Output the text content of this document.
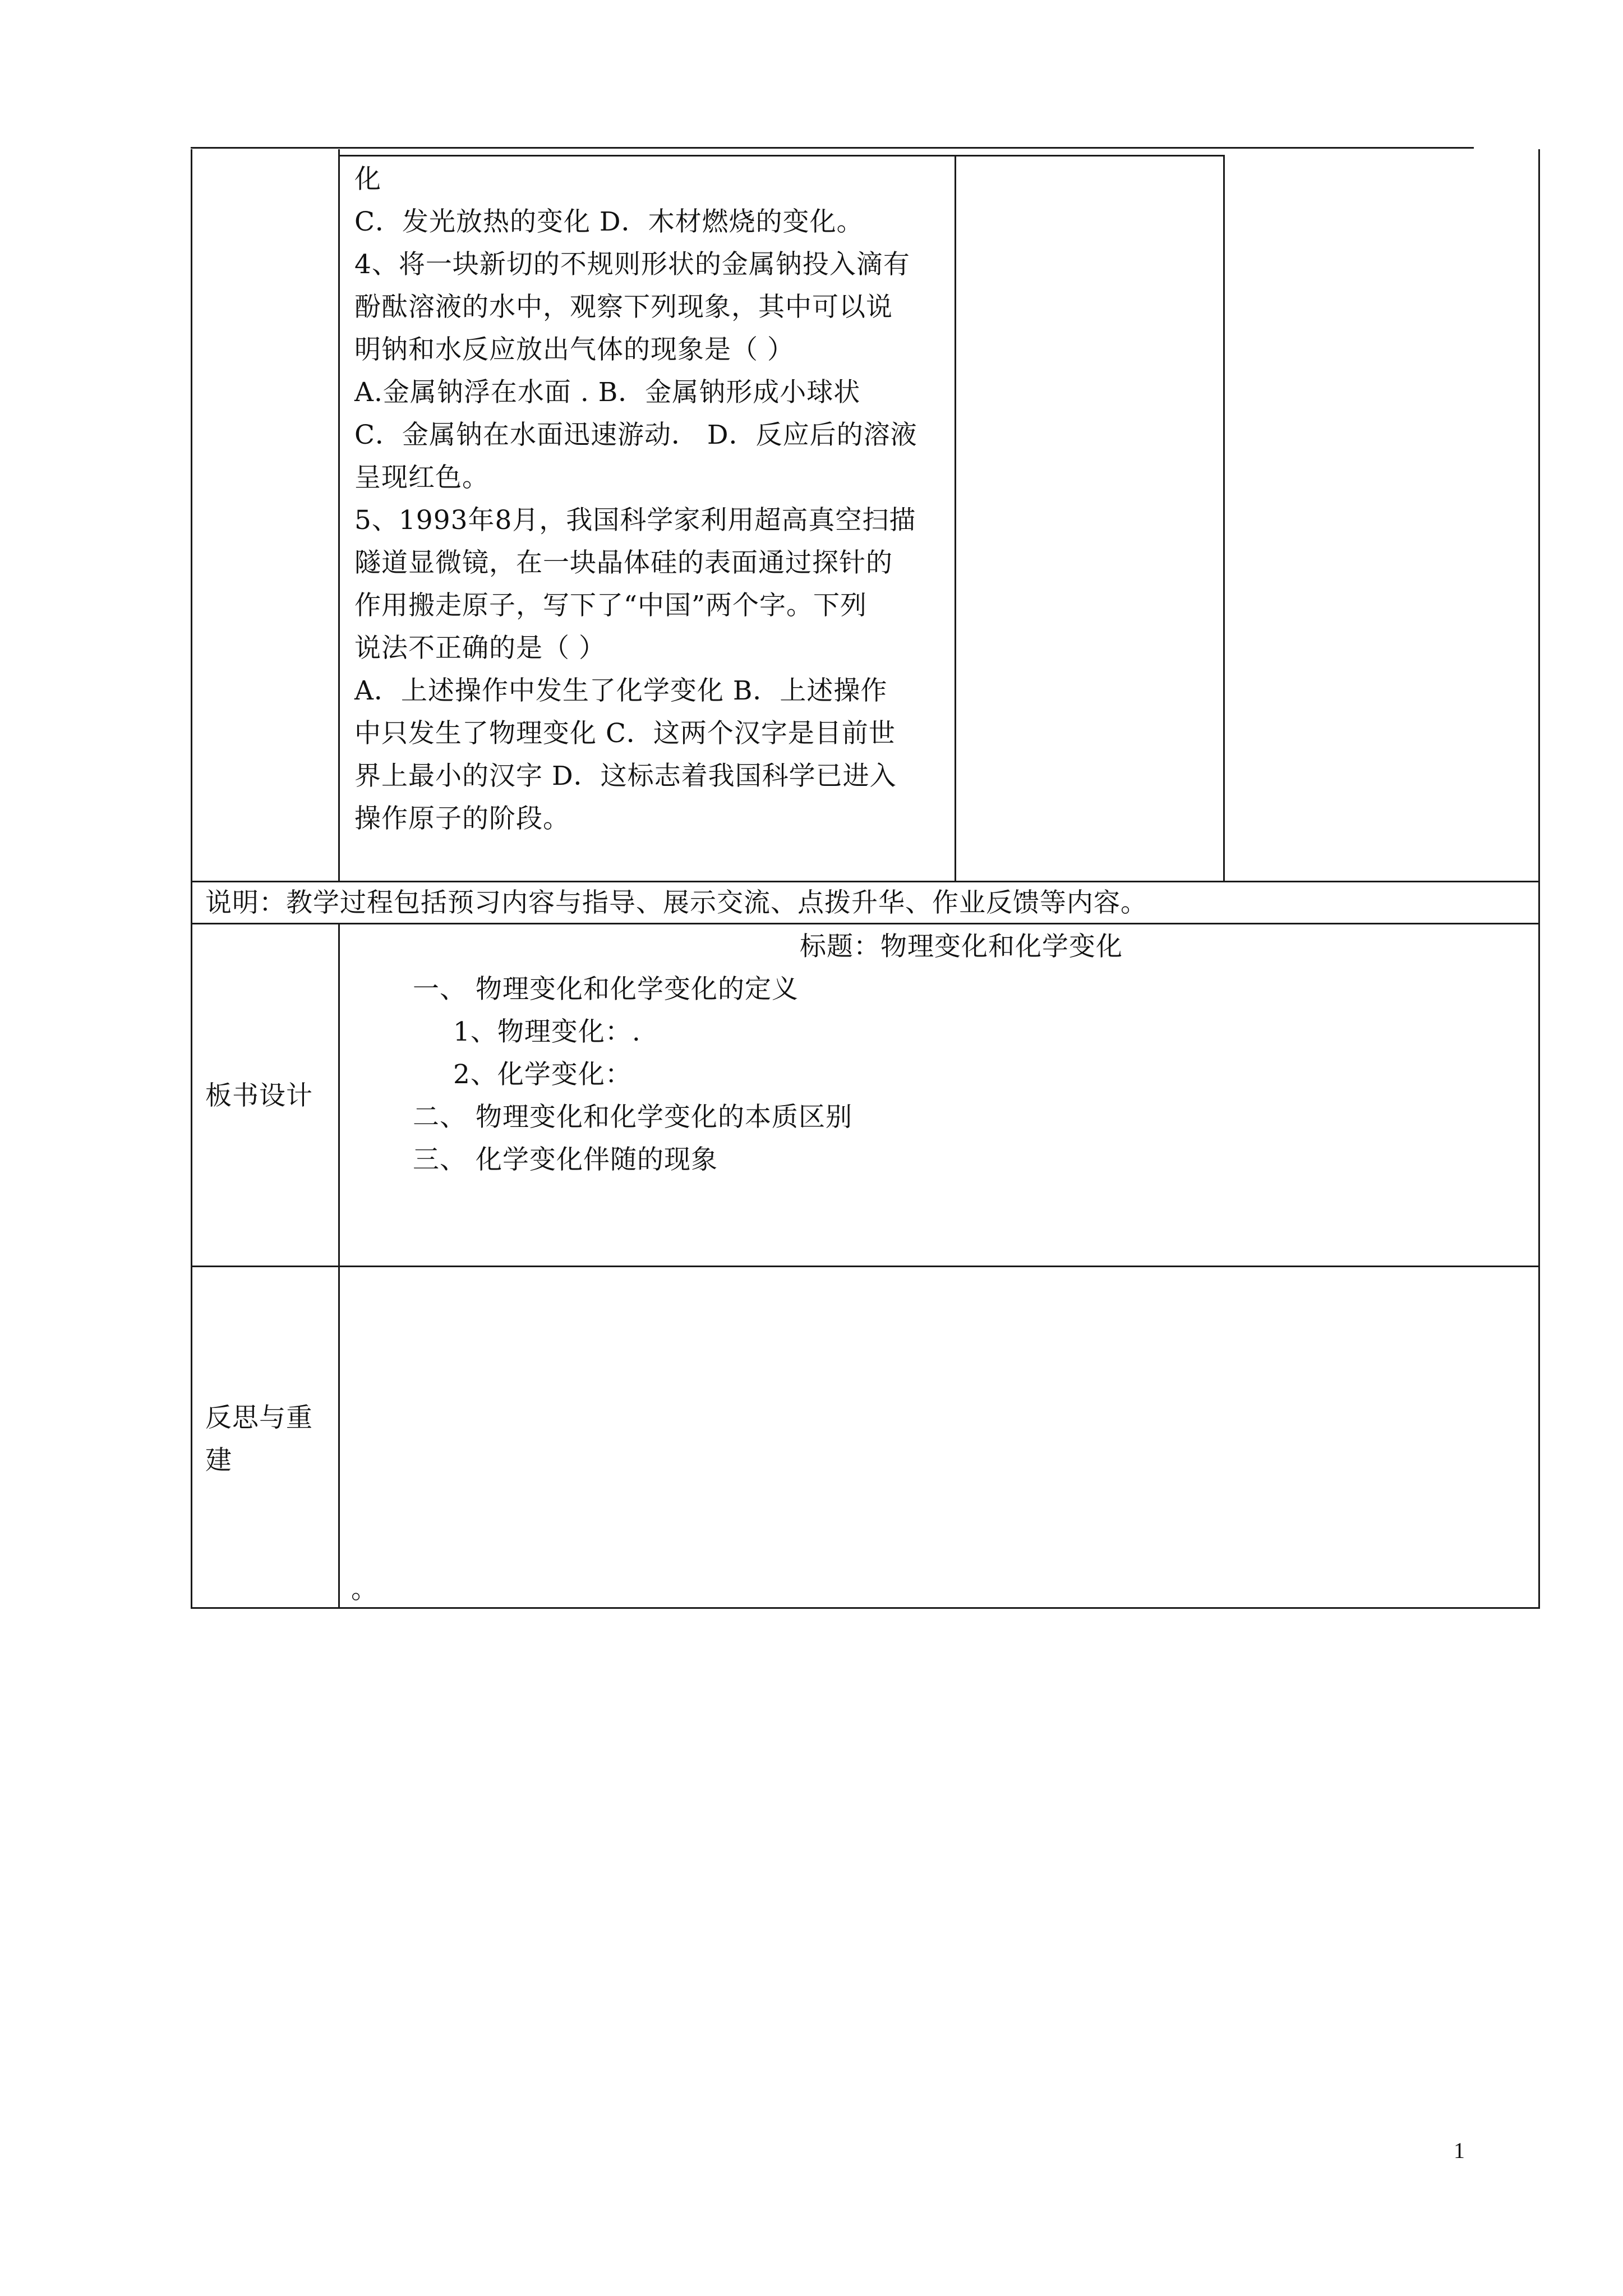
化
C．发光放热的变化 D．木材燃烧的变化。
4、将一块新切的不规则形状的金属钠投入滴有
酚酞溶液的水中，观察下列现象，其中可以说
明钠和水反应放出气体的现象是（ ）
A.金属钠浮在水面 . B．金属钠形成小球状
C．金属钠在水面迅速游动． D．反应后的溶液
呈现红色。
5、1993年8月，我国科学家利用超高真空扫描
隧道显微镜，在一块晶体硅的表面通过探针的
作用搬走原子，写下了“中国”两个字。下列
说法不正确的是（ ）
A．上述操作中发生了化学变化 B．上述操作
中只发生了物理变化 C．这两个汉字是目前世
界上最小的汉字 D．这标志着我国科学已进入
操作原子的阶段。
说明：教学过程包括预习内容与指导、展示交流、点拨升华、作业反馈等内容。
板书设计
标题：物理变化和化学变化
一、 物理变化和化学变化的定义
1、物理变化：.
2、化学变化：
二、 物理变化和化学变化的本质区别
三、 化学变化伴随的现象
反思与重
建
。
1
